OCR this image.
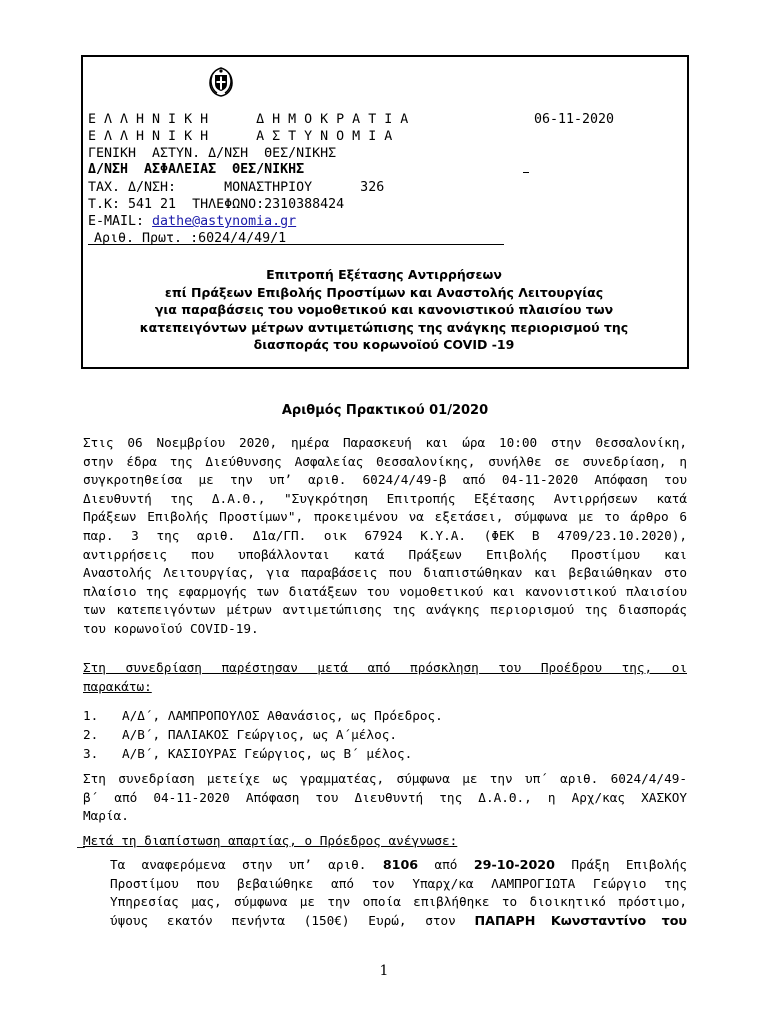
Ε Λ Λ Η Ν Ι Κ Η      Δ Η Μ Ο Κ Ρ Α Τ Ι Α	06-11-2020
Ε Λ Λ Η Ν Ι Κ Η      Α Σ Τ Υ Ν Ο Μ Ι Α
ΓΕΝΙΚΗ  ΑΣΤΥΝ. Δ/ΝΣΗ  ΘΕΣ/ΝΙΚΗΣ
Δ/ΝΣΗ  ΑΣΦΑΛΕΙΑΣ  ΘΕΣ/ΝΙΚΗΣ
ΤΑΧ. Δ/ΝΣΗ:      ΜΟΝΑΣΤΗΡΙΟΥ      326
Τ.Κ: 541 21  ΤΗΛΕΦΩΝΟ:2310388424
E-MAIL: dathe@astynomia.gr
Αριθ. Πρωτ. :6024/4/49/1
Επιτροπή Εξέτασης Αντιρρήσεων
επί Πράξεων Επιβολής Προστίμων και Αναστολής Λειτουργίας
για παραβάσεις του νομοθετικού και κανονιστικού πλαισίου των
κατεπειγόντων μέτρων αντιμετώπισης της ανάγκης περιορισμού της
διασποράς του κορωνοϊού COVID -19
Αριθμός Πρακτικού 01/2020
Στις 06 Νοεμβρίου 2020, ημέρα Παρασκευή και ώρα 10:00 στην Θεσσαλονίκη,
στην έδρα της Διεύθυνσης Ασφαλείας Θεσσαλονίκης, συνήλθε σε συνεδρίαση, η
συγκροτηθείσα με την υπ’ αριθ. 6024/4/49-β από 04-11-2020 Απόφαση του
Διευθυντή της Δ.Α.Θ., "Συγκρότηση Επιτροπής Εξέτασης Αντιρρήσεων κατά
Πράξεων Επιβολής Προστίμων", προκειμένου να εξετάσει, σύμφωνα με το άρθρο 6
παρ. 3 της αριθ. Δ1α/ΓΠ. οικ 67924 Κ.Υ.Α. (ΦΕΚ Β 4709/23.10.2020),
αντιρρήσεις που υποβάλλονται κατά Πράξεων Επιβολής Προστίμου και
Αναστολής Λειτουργίας, για παραβάσεις που διαπιστώθηκαν και βεβαιώθηκαν στο
πλαίσιο της εφαρμογής των διατάξεων του νομοθετικού και κανονιστικού πλαισίου
των κατεπειγόντων μέτρων αντιμετώπισης της ανάγκης περιορισμού της διασποράς
του κορωνοϊού COVID-19.
Στη συνεδρίαση παρέστησαν μετά από πρόσκληση του Προέδρου της, οι
παρακάτω:
1. Α/Δ΄, ΛΑΜΠΡΟΠΟΥΛΟΣ Αθανάσιος, ως Πρόεδρος.
2. Α/Β΄, ΠΑΛΙΑΚΟΣ Γεώργιος, ως Α΄μέλος.
3. Α/Β΄, ΚΑΣΙΟΥΡΑΣ Γεώργιος, ως Β΄ μέλος.
Στη συνεδρίαση μετείχε ως γραμματέας, σύμφωνα με την υπ΄ αριθ. 6024/4/49-
β΄ από 04-11-2020 Απόφαση του Διευθυντή της Δ.Α.Θ., η Αρχ/κας ΧΑΣΚΟΥ
Μαρία.
Μετά τη διαπίστωση απαρτίας, ο Πρόεδρος ανέγνωσε:
–
Τα αναφερόμενα στην υπ’ αριθ. 8106 από 29-10-2020 Πράξη Επιβολής
Προστίμου που βεβαιώθηκε από τον Υπαρχ/κα ΛΑΜΠΡΟΓΙΩΤΑ Γεώργιο της
Υπηρεσίας μας, σύμφωνα με την οποία επιβλήθηκε το διοικητικό πρόστιμο,
ύψους εκατόν πενήντα (150€) Ευρώ, στον ΠΑΠΑΡΗ Κωνσταντίνο του
1
